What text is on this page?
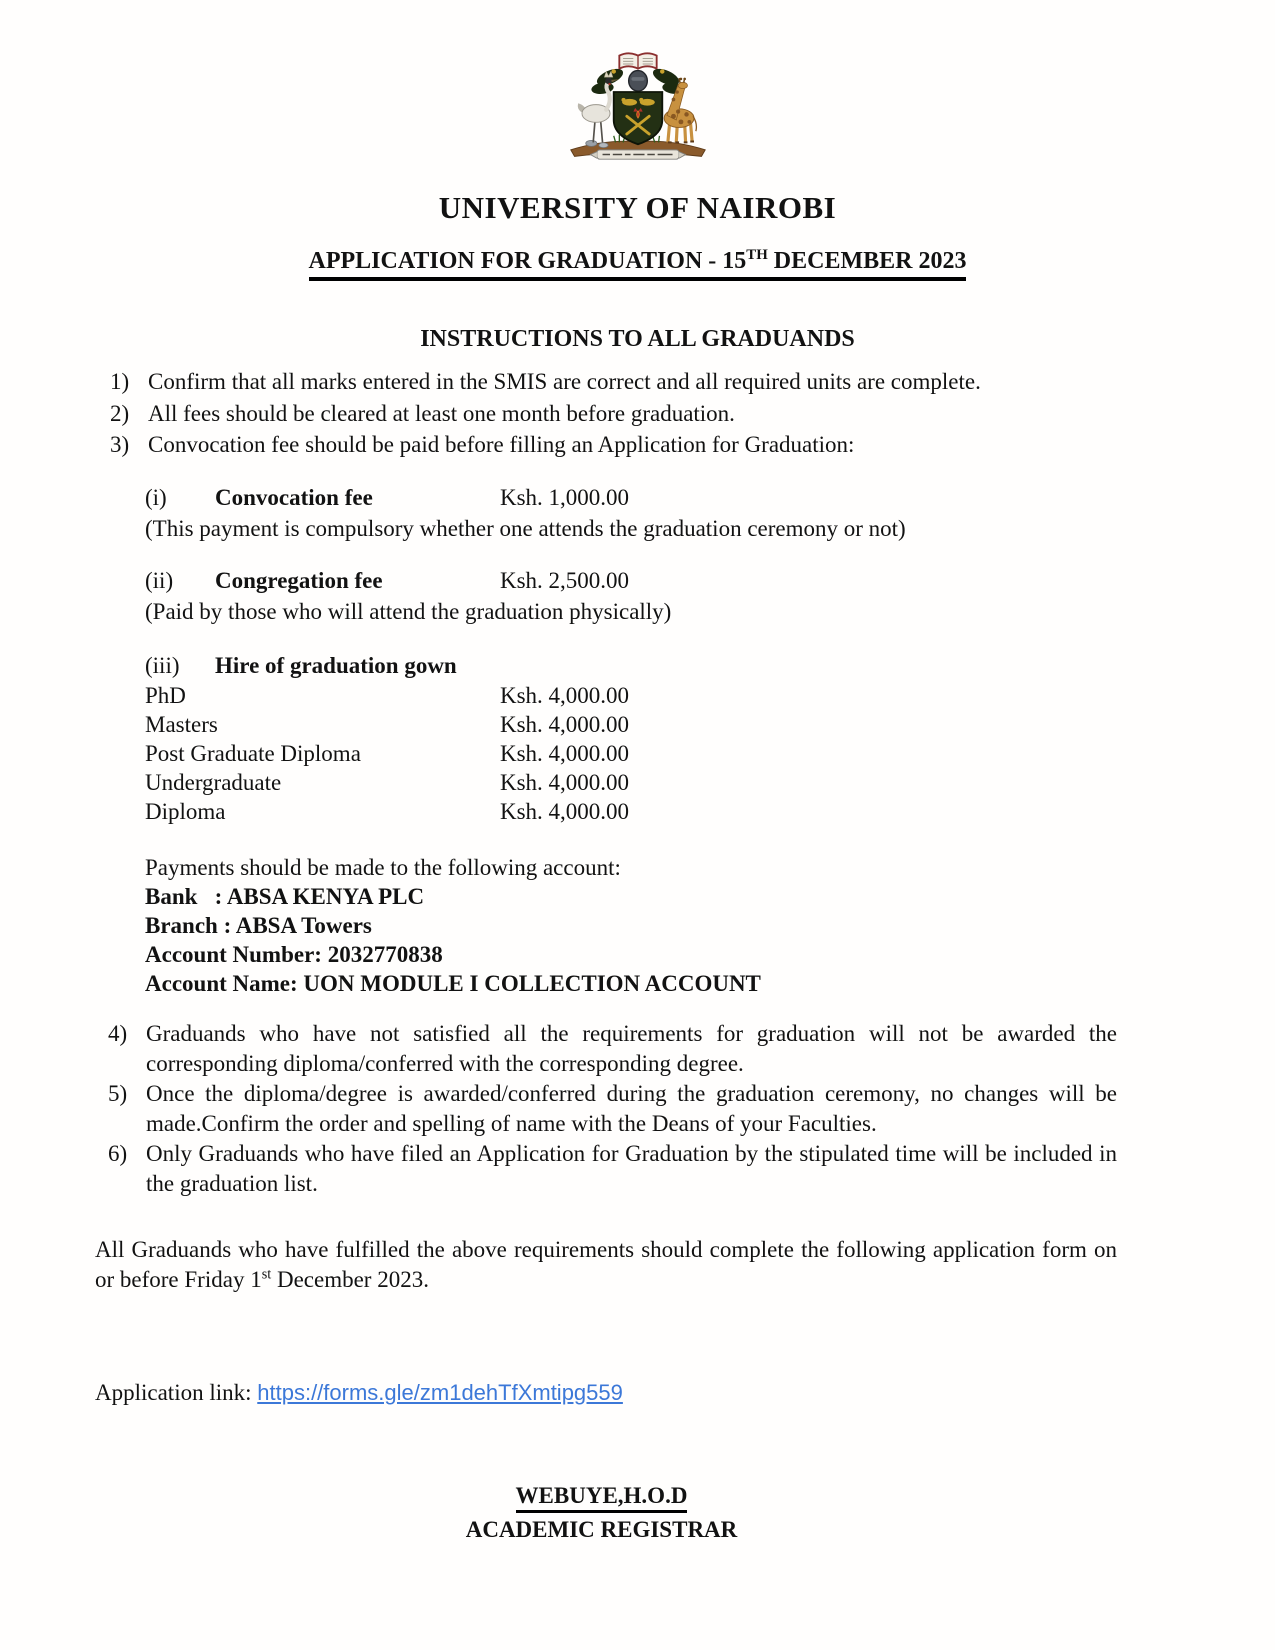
UNIVERSITY OF NAIROBI
APPLICATION FOR GRADUATION - 15TH DECEMBER 2023
INSTRUCTIONS TO ALL GRADUANDS
1) Confirm that all marks entered in the SMIS are correct and all required units are complete.

2) All fees should be cleared at least one month before graduation.

3) Convocation fee should be paid before filling an Application for Graduation:

(i)	Convocation fee	Ksh. 1,000.00
(This payment is compulsory whether one attends the graduation ceremony or not)
(ii)	Congregation fee	Ksh. 2,500.00
(Paid by those who will attend the graduation physically)
(iii)	Hire of graduation gown
PhD	Ksh. 4,000.00
Masters	Ksh. 4,000.00
Post Graduate Diploma	Ksh. 4,000.00
Undergraduate	Ksh. 4,000.00
Diploma	Ksh. 4,000.00
Payments should be made to the following account:
Bank   : ABSA KENYA PLC
Branch : ABSA Towers
Account Number: 2032770838
Account Name: UON MODULE I COLLECTION ACCOUNT
4) Graduands who have not satisfied all the requirements for graduation will not be awarded the corresponding diploma/conferred with the corresponding degree.

5) Once the diploma/degree is awarded/conferred during the graduation ceremony, no changes will be made.Confirm the order and spelling of name with the Deans of your Faculties.

6) Only Graduands who have filed an Application for Graduation by the stipulated time will be included in the graduation list.

All Graduands who have fulfilled the above requirements should complete the following application form on or before Friday 1st December 2023.

Application link: https://forms.gle/zm1dehTfXmtipg559
WEBUYE,H.O.D
ACADEMIC REGISTRAR
